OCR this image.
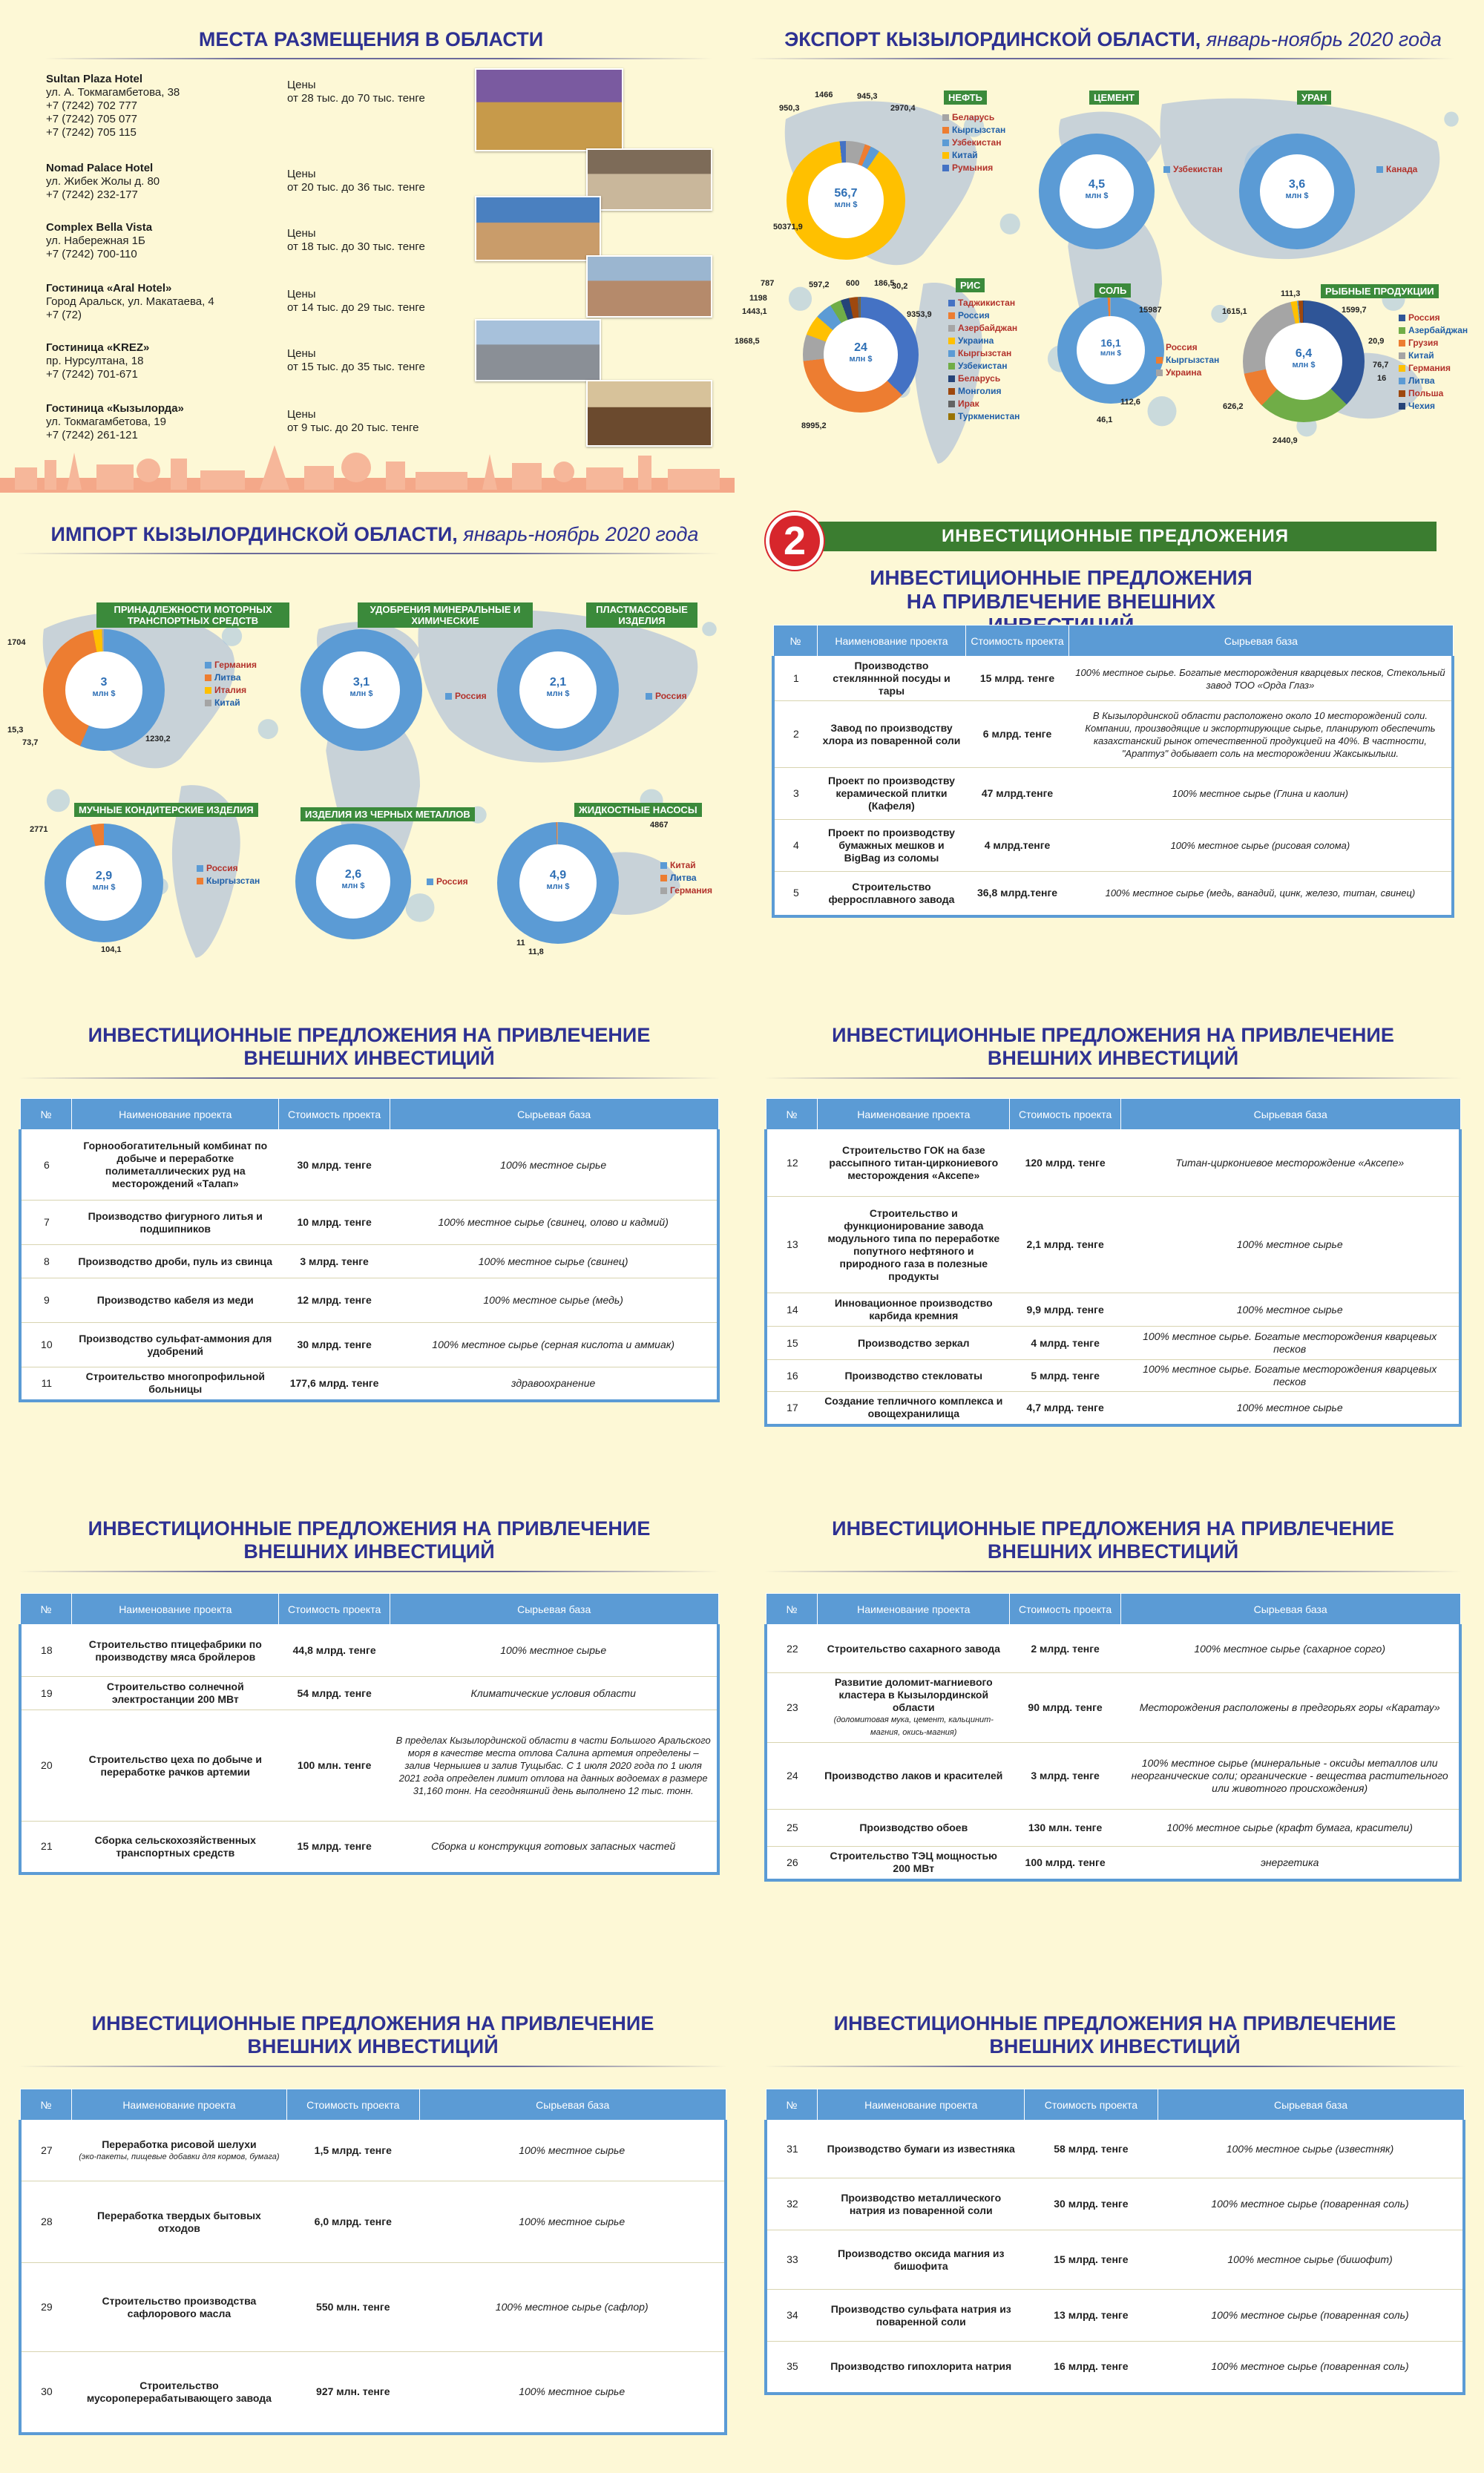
МЕСТА РАЗМЕЩЕНИЯ В ОБЛАСТИ
Sultan Plaza Hotel
ул. А. Токмагамбетова, 38
+7 (7242) 702 777
+7 (7242) 705 077
+7 (7242) 705 115
Цены
от 28 тыс. до 70 тыс. тенге
Nomad Palace Hotel
ул. Жибек Жолы д. 80
+7 (7242) 232-177
Цены
от 20 тыс. до 36 тыс. тенге
Complex Bella Vista
ул. Набережная 1Б
+7 (7242) 700-110
Цены
от 18 тыс. до 30 тыс. тенге
Гостиница «Aral Hotel»
Город Аральск, ул. Макатаева, 4
+7 (72)
Цены
от 14 тыс. до 29 тыс. тенге
Гостиница «KREZ»
пр. Нурсултана, 18
+7 (7242) 701-671
Цены
от 15 тыс. до 35 тыс. тенге
Гостиница «Кызылорда»
ул. Токмагамбетова, 19
+7 (7242) 261-121
Цены
от 9 тыс. до 20 тыс. тенге
ЭКСПОРТ КЫЗЫЛОРДИНСКОЙ ОБЛАСТИ, январь-ноябрь 2020 года
56,7
млн $
НЕФТЬ
Беларусь
Кыргызстан
Узбекистан
Китай
Румыния
950,3
1466	945,3
2970,4
50371,9
4,5
млн $
ЦЕМЕНТ
Узбекистан
3,6
млн $
УРАН
Канада
24
млн $
РИС
Таджикистан
Россия
Азербайджан
Украина
Кыргызстан
Узбекистан
Беларусь
Монголия
Ирак
Туркменистан
787	597,2 600 186,5
30,2
1198
1443,1	9353,9
1868,5
8995,2
16,1
млн $
СОЛЬ
Россия
Кыргызстан
Украина
15987
112,6
46,1
6,4
млн $
РЫБНЫЕ ПРОДУКЦИИ
Россия
Азербайджан
Грузия
Китай
Германия
Литва
Польша
Чехия
111,3
1615,1	1599,7
20,9
76,7
16
626,2
2440,9
ИМПОРТ КЫЗЫЛОРДИНСКОЙ ОБЛАСТИ, январь-ноябрь 2020 года
3
млн $
ПРИНАДЛЕЖНОСТИ МОТОРНЫХ ТРАНСПОРТНЫХ СРЕДСТВ
Германия
Литва
Италия
Китай
1704
15,3
73,7	1230,2
3,1
млн $
УДОБРЕНИЯ МИНЕРАЛЬНЫЕ И ХИМИЧЕСКИЕ
Россия
2,1
млн $
ПЛАСТМАССОВЫЕ ИЗДЕЛИЯ
Россия
2,9
млн $
МУЧНЫЕ КОНДИТЕРСКИЕ ИЗДЕЛИЯ
Россия
Кыргызстан
2771
104,1
2,6
млн $
ИЗДЕЛИЯ ИЗ ЧЕРНЫХ МЕТАЛЛОВ
Россия	4,9
млн $
ЖИДКОСТНЫЕ НАСОСЫ
Китай
Литва
Германия
4867
11
11,8
2	ИНВЕСТИЦИОННЫЕ ПРЕДЛОЖЕНИЯ
ИНВЕСТИЦИОННЫЕ ПРЕДЛОЖЕНИЯ НА ПРИВЛЕЧЕНИЕ ВНЕШНИХ
№	Наименование проекта	Стоимость проекта	Сырьевая база
1	Производство стекляннной посуды и тары	15 млрд. тенге	100% местное сырье. Богатые месторождения кварцевых песков, Стекольный завод ТОО «Орда Глаз»
2	Завод по производству хлора из поваренной соли	6 млрд. тенге	В Кызылординской области расположено около 10 месторождений соли. Компании, производящие и экспортирующие сырье, планируют обеспечить казахстанский рынок отечественной продукцией на 40%. В частности, "Араптуз" добывает соль на месторождении Жаксыкылыш.
3	Проект по производству керамической плитки (Кафеля)	47 млрд.тенге	100% местное сырье (Глина и каолин)
4	Проект по производству бумажных мешков и BigBag из соломы	4 млрд.тенге	100% местное сырье (рисовая солома)
5	Строительство ферросплавного завода	36,8 млрд.тенге	100% местное сырье (медь, ванадий, цинк, железо, титан, свинец)
ИНВЕСТИЦИОННЫЕ ПРЕДЛОЖЕНИЯ НА ПРИВЛЕЧЕНИЕ ВНЕШНИХ ИНВЕСТИЦИЙ
№	Наименование проекта	Стоимость проекта	Сырьевая база
6	Горнообогатительный комбинат по добыче и переработке полиметаллических руд на месторождений «Талап»	30 млрд. тенге	100% местное сырье
7	Производство фигурного литья и подшипников	10 млрд. тенге	100% местное сырье (свинец, олово и кадмий)
8	Производство дроби, пуль из свинца	3 млрд. тенге	100% местное сырье (свинец)
9	Производство кабеля из меди	12 млрд. тенге	100% местное сырье (медь)
10	Производство сульфат-аммония для удобрений	30 млрд. тенге	100% местное сырье (серная кислота и аммиак)
11	Строительство многопрофильной больницы	177,6 млрд. тенге	здравоохранение
ИНВЕСТИЦИОННЫЕ ПРЕДЛОЖЕНИЯ НА ПРИВЛЕЧЕНИЕ ВНЕШНИХ ИНВЕСТИЦИЙ
№	Наименование проекта	Стоимость проекта	Сырьевая база
12	Строительство ГОК на базе рассыпного титан-циркониевого месторождения «Аксепе»	120 млрд. тенге	Титан-циркониевое месторождение «Аксепе»
13	Строительство и функционирование завода модульного типа по переработке попутного нефтяного и природного газа в полезные продукты	2,1 млрд. тенге	100% местное сырье
14	Инновационное производство карбида кремния	9,9 млрд. тенге	100% местное сырье
15	Производство зеркал	4 млрд. тенге	100% местное сырье. Богатые месторождения кварцевых песков
16	Производство стекловаты	5 млрд. тенге	100% местное сырье. Богатые месторождения кварцевых песков
17	Создание тепличного комплекса и овощехранилища	4,7 млрд. тенге	100% местное сырье
ИНВЕСТИЦИОННЫЕ ПРЕДЛОЖЕНИЯ НА ПРИВЛЕЧЕНИЕ ВНЕШНИХ ИНВЕСТИЦИЙ
№	Наименование проекта	Стоимость проекта	Сырьевая база
18	Строительство птицефабрики по производству мяса бройлеров	44,8 млрд. тенге	100% местное сырье
19	Строительство солнечной электростанции 200 МВт	54 млрд. тенге	Климатические условия области
20	Строительство цеха по добыче и переработке рачков артемии	100 млн. тенге	В пределах Кызылординской области в части Большого Аральского моря в качестве места отлова Салина артемия определены – залив Чернышев и залив Тущыбас. С 1 июля 2020 года по 1 июля 2021 года определен лимит отлова на данных водоемах в размере 31,160 тонн. На сегодняшний день выполнено 12 тыс. тонн.
21	Сборка сельскохозяйственных транспортных средств	15 млрд. тенге	Сборка и конструкция готовых запасных частей
ИНВЕСТИЦИОННЫЕ ПРЕДЛОЖЕНИЯ НА ПРИВЛЕЧЕНИЕ ВНЕШНИХ ИНВЕСТИЦИЙ
№	Наименование проекта	Стоимость проекта	Сырьевая база
22	Строительство сахарного завода	2 млрд. тенге	100% местное сырье (сахарное сорго)
23	Развитие доломит-магниевого кластера в Кызылординской области
(доломитовая мука, цемент, кальцинит-магния, окись-магния)	90 млрд. тенге	Месторождения расположены в предгорьях горы «Каратау»
24	Производство лаков и красителей	3 млрд. тенге	100% местное сырье (минеральные - оксиды металлов или неорганические соли; органические - вещества растительного или животного происхождения)
25	Производство обоев	130 млн. тенге	100% местное сырье (крафт бумага, красители)
26	Строительство ТЭЦ мощностью 200 МВт	100 млрд. тенге	энергетика
ИНВЕСТИЦИОННЫЕ ПРЕДЛОЖЕНИЯ НА ПРИВЛЕЧЕНИЕ ВНЕШНИХ ИНВЕСТИЦИЙ
№	Наименование проекта	Стоимость проекта	Сырьевая база
27	Переработка рисовой шелухи
(эко-пакеты, пищевые добавки для кормов, бумага)	1,5 млрд. тенге	100% местное сырье
28	Переработка твердых бытовых отходов	6,0 млрд. тенге	100% местное сырье
29	Строительство производства сафлорового масла	550 млн. тенге	100% местное сырье (сафлор)
30	Строительство мусороперерабатывающего завода	927 млн. тенге	100% местное сырье
ИНВЕСТИЦИОННЫЕ ПРЕДЛОЖЕНИЯ НА ПРИВЛЕЧЕНИЕ ВНЕШНИХ ИНВЕСТИЦИЙ
№	Наименование проекта	Стоимость проекта	Сырьевая база
31	Производство бумаги из известняка	58 млрд. тенге	100% местное сырье (известняк)
32	Производство металлического натрия из поваренной соли	30 млрд. тенге	100% местное сырье (поваренная соль)
33	Производство оксида магния из бишофита	15 млрд. тенге	100% местное сырье (бишофит)
34	Производство сульфата натрия из поваренной соли	13 млрд. тенге	100% местное сырье (поваренная соль)
35	Производство гипохлорита натрия	16 млрд. тенге	100% местное сырье (поваренная соль)
